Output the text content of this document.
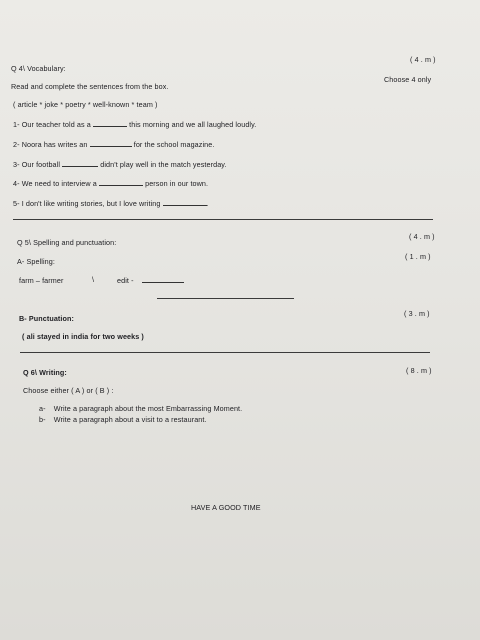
Q 4\ Vocabulary:
( 4 . m )
Choose 4 only
Read and complete the sentences from the box.
( article * joke * poetry * well-known * team )
1- Our teacher told as a	this morning and we all laughed loudly.
2- Noora has writes an	for the school magazine.
3- Our football	didn't play well in the match yesterday.
4- We need to interview a	person in our town.
5- I don't like writing stories, but I love writing	.
Q 5\ Spelling and punctuation:
( 4 . m )
A- Spelling:
( 1 . m )
farm – farmer	\	edit -
B- Punctuation:
( 3 . m )
( ali stayed in india for two weeks )
Q 6\ Writing:	( 8 . m )
Choose either ( A ) or ( B ) :
a- Write a paragraph about the most Embarrassing Moment.
b- Write a paragraph about a visit to a restaurant.
HAVE A GOOD TIME
